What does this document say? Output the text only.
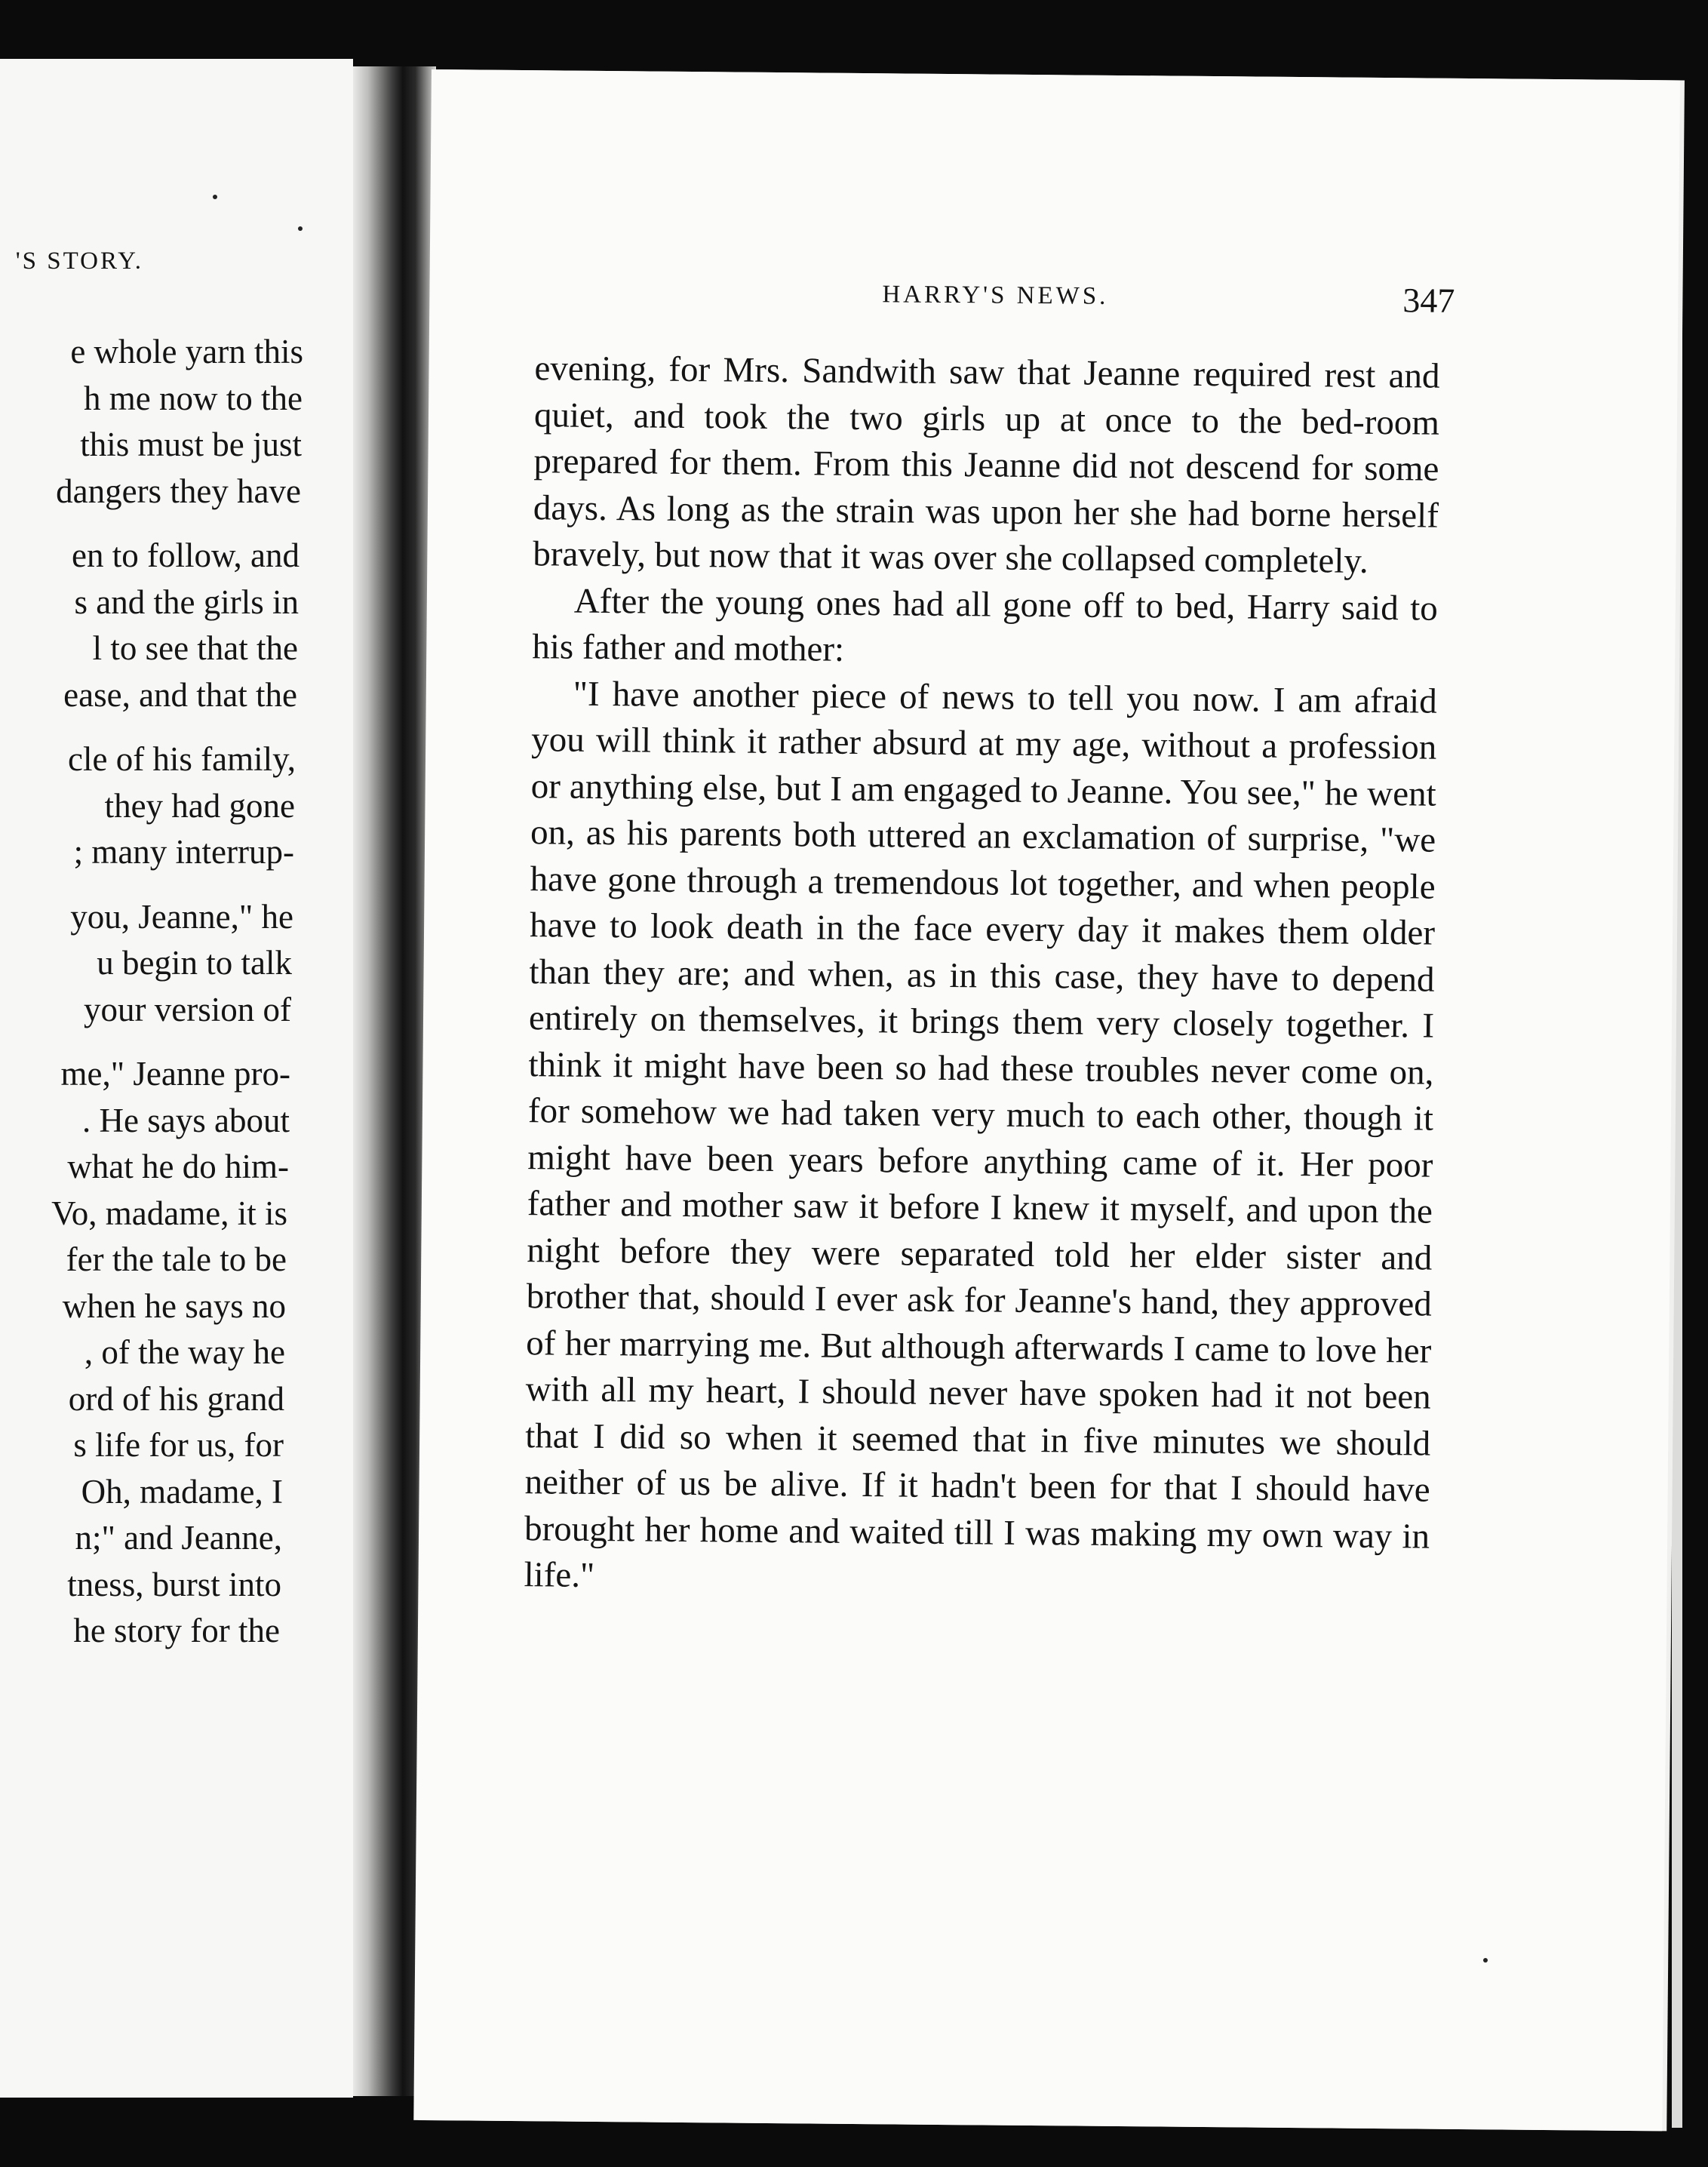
'S STORY.
e whole yarn this
h me now to the
this must be just
dangers they have
en to follow, and
s and the girls in
l to see that the
ease, and that the
cle of his family,
they had gone
; many interrup-
you, Jeanne," he
u begin to talk
your version of
me," Jeanne pro-
. He says about
what he do him-
Vo, madame, it is
fer the tale to be
when he says no
, of the way he
ord of his grand
s life for us, for
Oh, madame, I
n;" and Jeanne,
tness, burst into
he story for the
HARRY'S NEWS.	347

evening, for Mrs. Sandwith saw that Jeanne required rest and quiet, and took the two girls up at once to the bed-room prepared for them. From this Jeanne did not descend for some days. As long as the strain was upon her she had borne herself bravely, but now that it was over she collapsed completely.

After the young ones had all gone off to bed, Harry said to his father and mother:

"I have another piece of news to tell you now. I am afraid you will think it rather absurd at my age, without a profession or anything else, but I am engaged to Jeanne. You see," he went on, as his parents both uttered an exclamation of surprise, "we have gone through a tremendous lot together, and when people have to look death in the face every day it makes them older than they are; and when, as in this case, they have to depend entirely on themselves, it brings them very closely together. I think it might have been so had these troubles never come on, for somehow we had taken very much to each other, though it might have been years before anything came of it. Her poor father and mother saw it before I knew it myself, and upon the night before they were separated told her elder sister and brother that, should I ever ask for Jeanne's hand, they approved of her marrying me. But although afterwards I came to love her with all my heart, I should never have spoken had it not been that I did so when it seemed that in five minutes we should neither of us be alive. If it hadn't been for that I should have brought her home and waited till I was making my own way in life."
